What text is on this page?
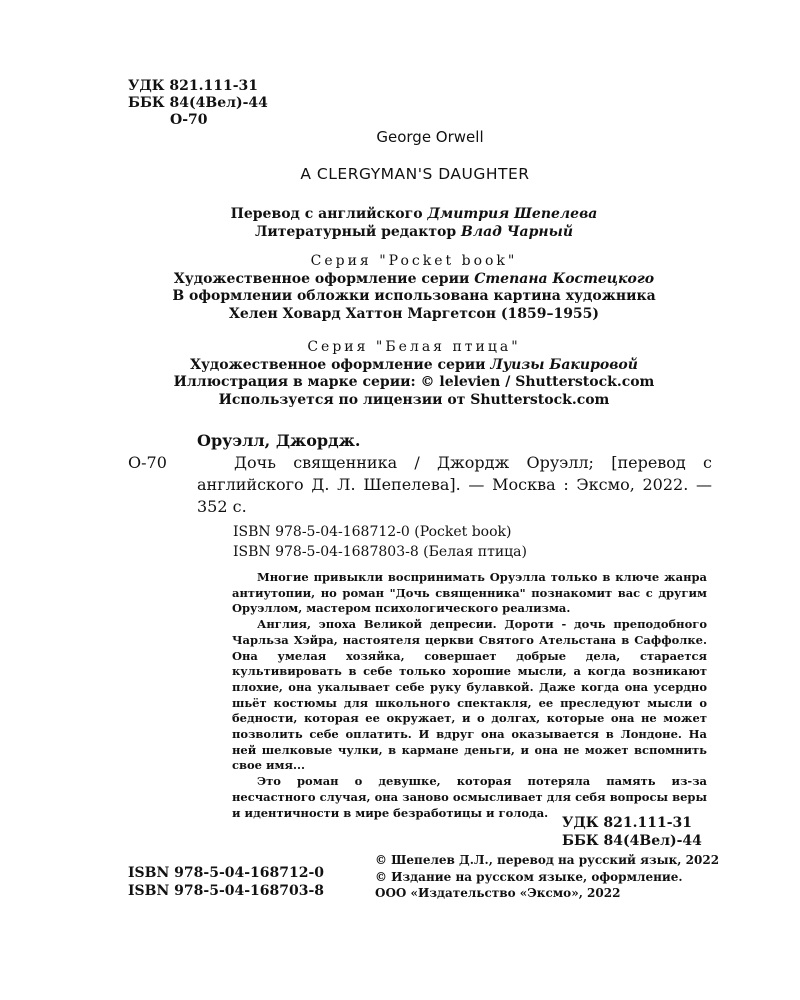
УДК 821.111-31
ББК 84(4Вел)-44
О-70
George Orwell
A CLERGYMAN'S DAUGHTER
Перевод с английского Дмитрия Шепелева
Литературный редактор Влад Чарный
Серия "Pocket book"
Художественное оформление серии Степана Костецкого
В оформлении обложки использована картина художника
Хелен Ховард Хаттон Маргетсон (1859–1955)
Серия "Белая птица"
Художественное оформление серии Луизы Бакировой
Иллюстрация в марке серии: © lelevien / Shutterstock.com
Используется по лицензии от Shutterstock.com
О-70
Оруэлл, Джордж.
Дочь священника / Джордж Оруэлл; [перевод с английского Д. Л. Шепелева]. — Москва : Эксмо, 2022. — 352 с.
ISBN 978-5-04-168712-0 (Pocket book)
ISBN 978-5-04-1687803-8 (Белая птица)

Многие привыкли воспринимать Оруэлла только в ключе жанра антиутопии, но роман "Дочь священника" познакомит вас с другим Оруэллом, мастером психологического реализма.

Англия, эпоха Великой депресии. Дороти - дочь преподобного Чарльза Хэйра, настоятеля церкви Святого Ательстана в Саффолке. Она умелая хозяйка, совершает добрые дела, старается культивировать в себе только хорошие мысли, а когда возникают плохие, она укалывает себе руку булавкой. Даже когда она усердно шьёт костюмы для школьного спектакля, ее преследуют мысли о бедности, которая ее окружает, и о долгах, которые она не может позволить себе оплатить. И вдруг она оказывается в Лондоне. На ней шелковые чулки, в кармане деньги, и она не может вспомнить свое имя...

Это роман о девушке, которая потеряла память из-за несчастного случая, она заново осмысливает для себя вопросы веры и идентичности в мире безработицы и голода.

УДК 821.111-31
ББК 84(4Вел)-44
ISBN 978-5-04-168712-0
ISBN 978-5-04-168703-8
© Шепелев Д.Л., перевод на русский язык, 2022
© Издание на русском языке, оформление.
ООО «Издательство «Эксмо», 2022
